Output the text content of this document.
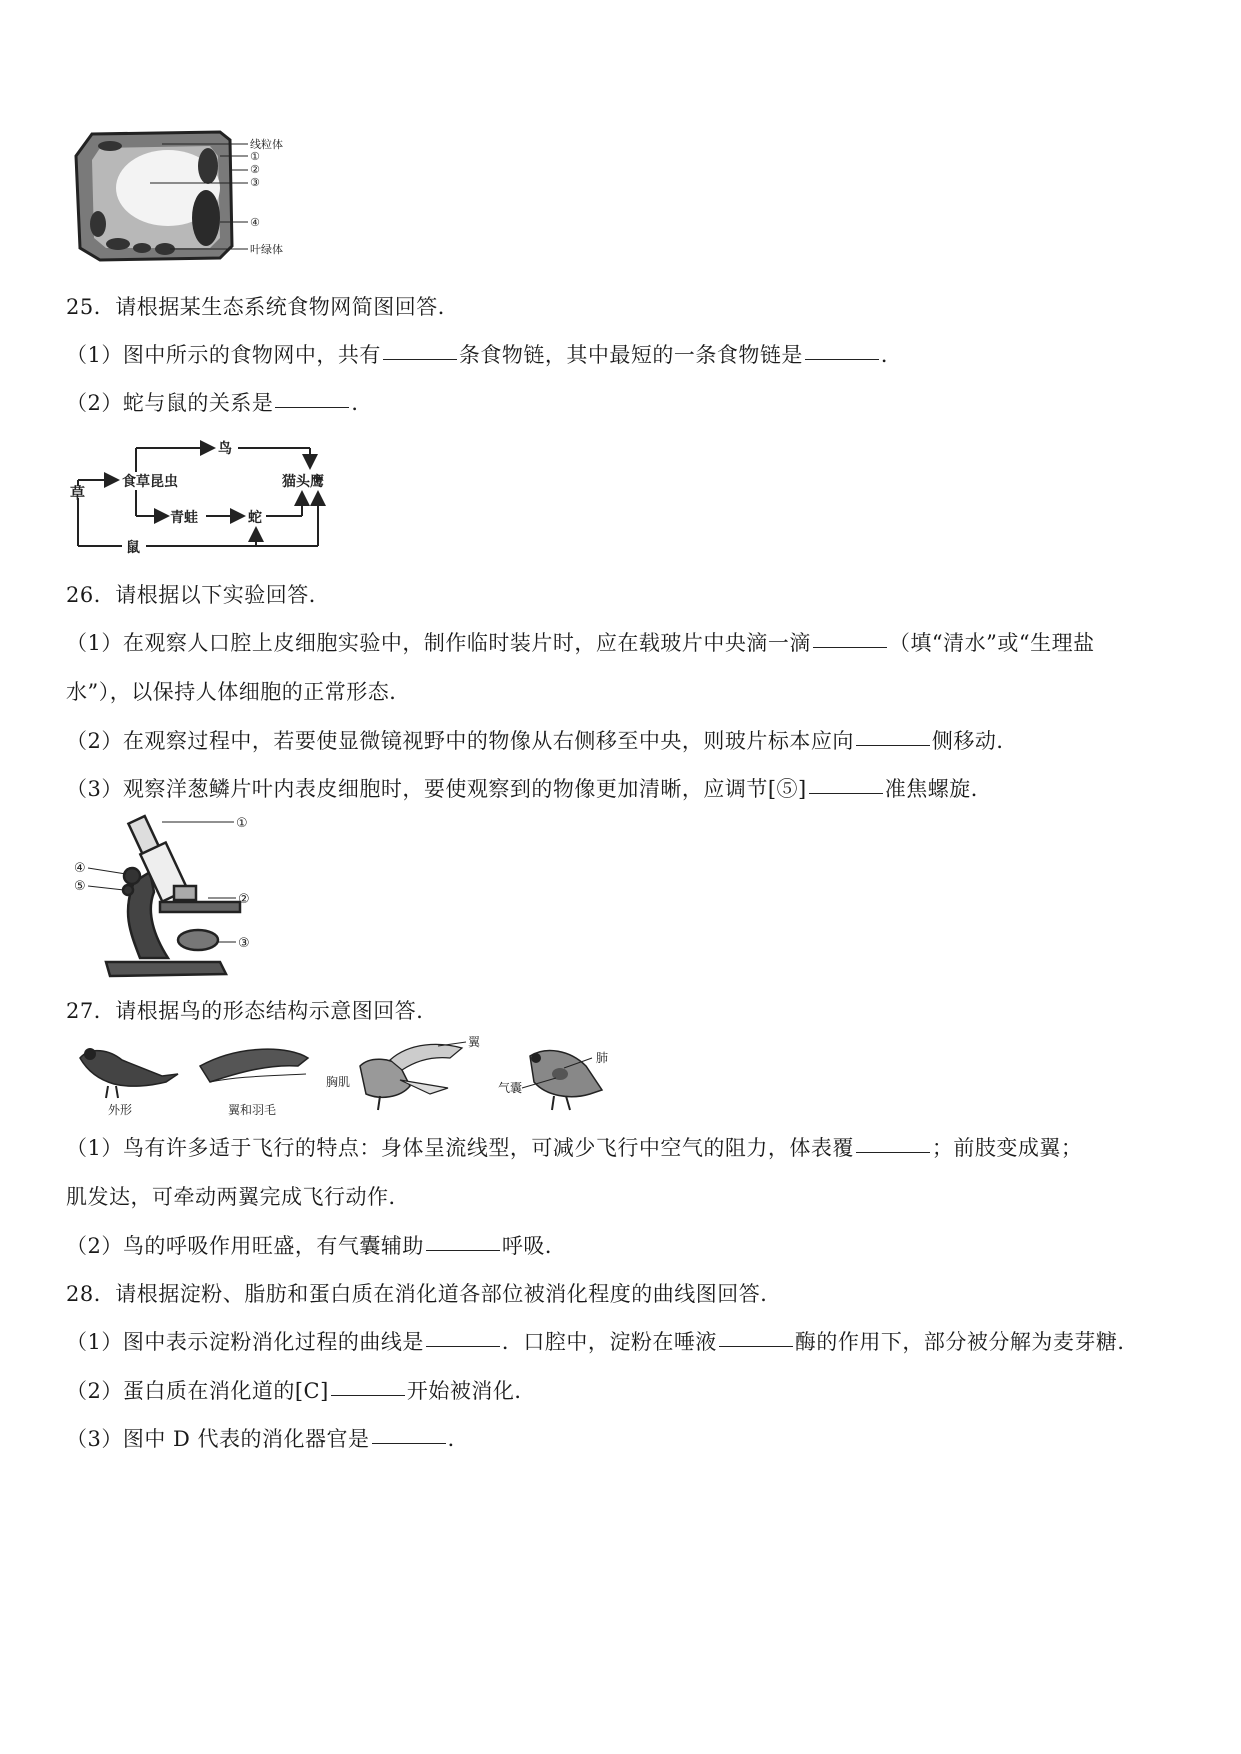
线粒体
①
②
③
④
叶绿体
25．请根据某生态系统食物网简图回答．
（1）图中所示的食物网中，共有	条食物链，其中最短的一条食物链是	．
（2）蛇与鼠的关系是	．
草
食草昆虫
鸟
猫头鹰
青蛙	蛇
鼠
26．请根据以下实验回答．
（1）在观察人口腔上皮细胞实验中，制作临时装片时，应在载玻片中央滴一滴	（填“清水”或“生理盐
水”），以保持人体细胞的正常形态．
（2）在观察过程中，若要使显微镜视野中的物像从右侧移至中央，则玻片标本应向	侧移动．
（3）观察洋葱鳞片叶内表皮细胞时，要使观察到的物像更加清晰，应调节[⑤]	准焦螺旋．
①
②
③
④
⑤
27．请根据鸟的形态结构示意图回答．
外形	翼和羽毛
胸肌
翼
肺
气囊
（1）鸟有许多适于飞行的特点：身体呈流线型，可减少飞行中空气的阻力，体表覆	；前肢变成翼；
肌发达，可牵动两翼完成飞行动作．
（2）鸟的呼吸作用旺盛，有气囊辅助	呼吸．
28．请根据淀粉、脂肪和蛋白质在消化道各部位被消化程度的曲线图回答．
（1）图中表示淀粉消化过程的曲线是	．口腔中，淀粉在唾液	酶的作用下，部分被分解为麦芽糖．
（2）蛋白质在消化道的[C]	开始被消化．
（3）图中 D 代表的消化器官是	．
